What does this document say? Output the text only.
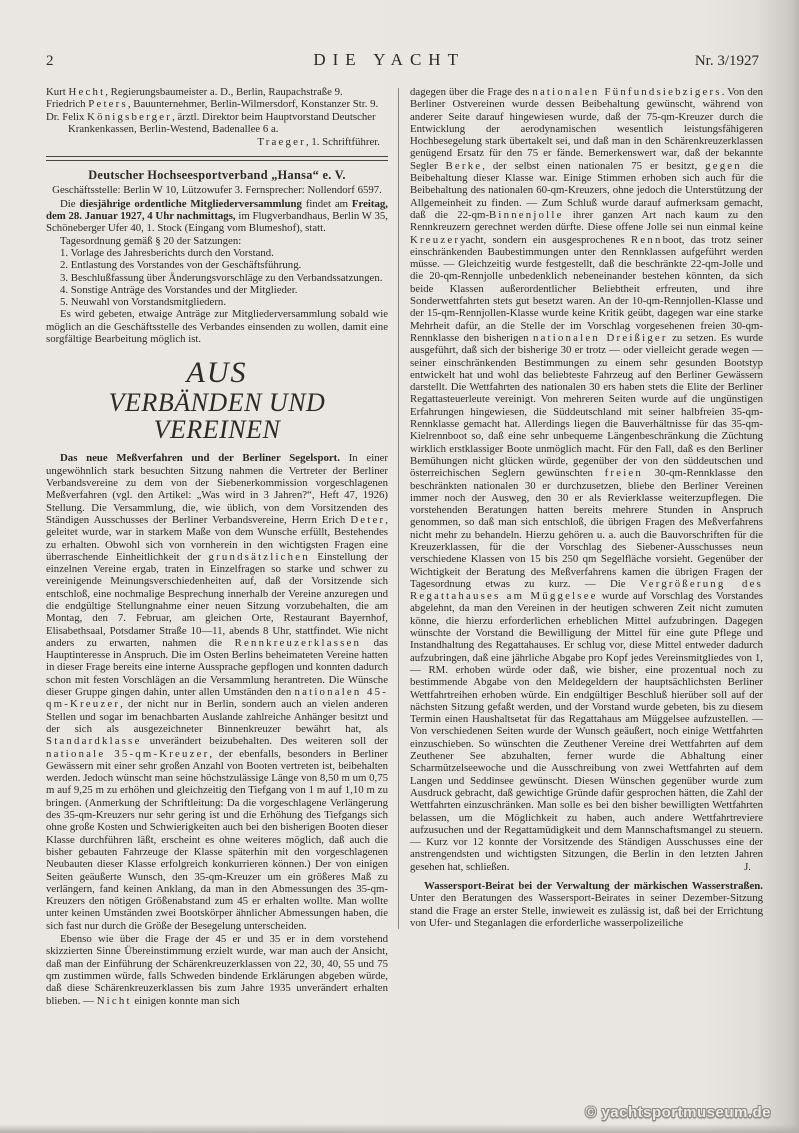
2	DIE YACHT	Nr. 3/1927

Kurt Hecht, Regierungsbaumeister a. D., Berlin, Raupachstraße 9.

Friedrich Peters, Bauunternehmer, Berlin-Wilmersdorf, Konstanzer Str. 9.

Dr. Felix Königsberger, ärztl. Direktor beim Hauptvorstand Deutscher Krankenkassen, Berlin-Westend, Badenallee 6 a.

Traeger, 1. Schriftführer.

Deutscher Hochseesportverband „Hansa“ e. V.

Geschäftsstelle: Berlin W 10, Lützowufer 3. Fernsprecher: Nollendorf 6597.

Die diesjährige ordentliche Mitgliederversammlung findet am Freitag, dem 28. Januar 1927, 4 Uhr nachmittags, im Flugverbandhaus, Berlin W 35, Schöneberger Ufer 40, 1. Stock (Eingang vom Blumeshof), statt.

Tagesordnung gemäß § 20 der Satzungen:

1. Vorlage des Jahresberichts durch den Vorstand.

2. Entlastung des Vorstandes von der Geschäftsführung.

3. Beschlußfassung über Änderungsvorschläge zu den Verbandssatzungen.

4. Sonstige Anträge des Vorstandes und der Mitglieder.

5. Neuwahl von Vorstandsmitgliedern.

Es wird gebeten, etwaige Anträge zur Mitgliederversammlung sobald wie möglich an die Geschäftsstelle des Verbandes einsenden zu wollen, damit eine sorgfältige Bearbeitung möglich ist.

AUS
VERBÄNDEN UND VEREINEN

Das neue Meßverfahren und der Berliner Segelsport. In einer ungewöhnlich stark besuchten Sitzung nahmen die Vertreter der Berliner Verbandsvereine zu dem von der Siebenerkommission vorgeschlagenen Meßverfahren (vgl. den Artikel: „Was wird in 3 Jahren?“, Heft 47, 1926) Stellung. Die Versammlung, die, wie üblich, von dem Vorsitzenden des Ständigen Ausschusses der Berliner Verbandsvereine, Herrn Erich Deter, geleitet wurde, war in starkem Maße von dem Wunsche erfüllt, Bestehendes zu erhalten. Obwohl sich von vornherein in den wichtigsten Fragen eine überraschende Einheitlichkeit der grundsätzlichen Einstellung der einzelnen Vereine ergab, traten in Einzelfragen so starke und schwer zu vereinigende Meinungsverschiedenheiten auf, daß der Vorsitzende sich entschloß, eine nochmalige Besprechung innerhalb der Vereine anzuregen und die endgültige Stellungnahme einer neuen Sitzung vorzubehalten, die am Montag, den 7. Februar, am gleichen Orte, Restaurant Bayernhof, Elisabethsaal, Potsdamer Straße 10—11, abends 8 Uhr, stattfindet. Wie nicht anders zu erwarten, nahmen die Rennkreuzerklassen das Hauptinteresse in Anspruch. Die im Osten Berlins beheimateten Vereine hatten in dieser Frage bereits eine interne Aussprache gepflogen und konnten dadurch schon mit festen Vorschlägen an die Versammlung herantreten. Die Wünsche dieser Gruppe gingen dahin, unter allen Umständen den nationalen 45-qm-Kreuzer, der nicht nur in Berlin, sondern auch an vielen anderen Stellen und sogar im benachbarten Auslande zahlreiche Anhänger besitzt und der sich als ausgezeichneter Binnenkreuzer bewährt hat, als Standardklasse unverändert beizubehalten. Des weiteren soll der nationale 35-qm-Kreuzer, der ebenfalls, besonders in Berliner Gewässern mit einer sehr großen Anzahl von Booten vertreten ist, beibehalten werden. Jedoch wünscht man seine höchstzulässige Länge von 8,50 m um 0,75 m auf 9,25 m zu erhöhen und gleichzeitig den Tiefgang von 1 m auf 1,10 m zu bringen. (Anmerkung der Schriftleitung: Da die vorgeschlagene Verlängerung des 35-qm-Kreuzers nur sehr gering ist und die Erhöhung des Tiefgangs sich ohne große Kosten und Schwierigkeiten auch bei den bisherigen Booten dieser Klasse durchführen läßt, erscheint es ohne weiteres möglich, daß auch die bisher gebauten Fahrzeuge der Klasse späterhin mit den vorgeschlagenen Neubauten dieser Klasse erfolgreich konkurrieren können.) Der von einigen Seiten geäußerte Wunsch, den 35-qm-Kreuzer um ein größeres Maß zu verlängern, fand keinen Anklang, da man in den Abmessungen des 35-qm-Kreuzers den nötigen Größenabstand zum 45 er erhalten wollte. Man wollte unter keinen Umständen zwei Bootskörper ähnlicher Abmessungen haben, die sich fast nur durch die Größe der Besegelung unterscheiden.

Ebenso wie über die Frage der 45 er und 35 er in dem vorstehend skizzierten Sinne Übereinstimmung erzielt wurde, war man auch der Ansicht, daß man der Einführung der Schärenkreuzerklassen von 22, 30, 40, 55 und 75 qm zustimmen würde, falls Schweden bindende Erklärungen abgeben würde, daß diese Schärenkreuzerklassen bis zum Jahre 1935 unverändert erhalten blieben. — Nicht einigen konnte man sich

dagegen über die Frage des nationalen Fünfundsiebzigers. Von den Berliner Ostvereinen wurde dessen Beibehaltung gewünscht, während von anderer Seite darauf hingewiesen wurde, daß der 75-qm-Kreuzer durch die Entwicklung der aerodynamischen wesentlich leistungsfähigeren Hochbesegelung stark übertakelt sei, und daß man in den Schärenkreuzerklassen genügend Ersatz für den 75 er fände. Bemerkenswert war, daß der bekannte Segler Berke, der selbst einen nationalen 75 er besitzt, gegen die Beibehaltung dieser Klasse war. Einige Stimmen erhoben sich auch für die Beibehaltung des nationalen 60-qm-Kreuzers, ohne jedoch die Unterstützung der Allgemeinheit zu finden. — Zum Schluß wurde darauf aufmerksam gemacht, daß die 22-qm-Binnenjolle ihrer ganzen Art nach kaum zu den Rennkreuzern gerechnet werden dürfte. Diese offene Jolle sei nun einmal keine Kreuzeryacht, sondern ein ausgesprochenes Rennboot, das trotz seiner einschränkenden Baubestimmungen unter den Rennklassen aufgeführt werden müsse. — Gleichzeitig wurde festgestellt, daß die beschränkte 22-qm-Jolle und die 20-qm-Rennjolle unbedenklich nebeneinander bestehen könnten, da sich beide Klassen außerordentlicher Beliebtheit erfreuten, und ihre Sonderwettfahrten stets gut besetzt waren. An der 10-qm-Rennjollen-Klasse und der 15-qm-Rennjollen-Klasse wurde keine Kritik geübt, dagegen war eine starke Mehrheit dafür, an die Stelle der im Vorschlag vorgesehenen freien 30-qm-Rennklasse den bisherigen nationalen Dreißiger zu setzen. Es wurde ausgeführt, daß sich der bisherige 30 er trotz — oder vielleicht gerade wegen — seiner einschränkenden Bestimmungen zu einem sehr gesunden Bootstyp entwickelt hat und wohl das beliebteste Fahrzeug auf den Berliner Gewässern darstellt. Die Wettfahrten des nationalen 30 ers haben stets die Elite der Berliner Regattasteuerleute vereinigt. Von mehreren Seiten wurde auf die ungünstigen Erfahrungen hingewiesen, die Süddeutschland mit seiner halbfreien 35-qm-Rennklasse gemacht hat. Allerdings liegen die Bauverhältnisse für das 35-qm-Kielrennboot so, daß eine sehr unbequeme Längenbeschränkung die Züchtung wirklich erstklassiger Boote unmöglich macht. Für den Fall, daß es den Berliner Bemühungen nicht glücken würde, gegenüber der von den süddeutschen und österreichischen Seglern gewünschten freien 30-qm-Rennklasse den beschränkten nationalen 30 er durchzusetzen, bliebe den Berliner Vereinen immer noch der Ausweg, den 30 er als Revierklasse weiterzupflegen. Die vorstehenden Beratungen hatten bereits mehrere Stunden in Anspruch genommen, so daß man sich entschloß, die übrigen Fragen des Meßverfahrens nicht mehr zu behandeln. Hierzu gehören u. a. auch die Bauvorschriften für die Kreuzerklassen, für die der Vorschlag des Siebener-Ausschusses neun verschiedene Klassen von 15 bis 250 qm Segelfläche vorsieht. Gegenüber der Wichtigkeit der Beratung des Meßverfahrens kamen die übrigen Fragen der Tagesordnung etwas zu kurz. — Die Vergrößerung des Regattahauses am Müggelsee wurde auf Vorschlag des Vorstandes abgelehnt, da man den Vereinen in der heutigen schweren Zeit nicht zumuten könne, die hierzu erforderlichen erheblichen Mittel aufzubringen. Dagegen wünschte der Vorstand die Bewilligung der Mittel für eine gute Pflege und Instandhaltung des Regattahauses. Er schlug vor, diese Mittel entweder dadurch aufzubringen, daß eine jährliche Abgabe pro Kopf jedes Vereinsmitgliedes von 1,— RM. erhoben würde oder daß, wie bisher, eine prozentual noch zu bestimmende Abgabe von den Meldegeldern der hauptsächlichsten Berliner Wettfahrtreihen erhoben würde. Ein endgültiger Beschluß hierüber soll auf der nächsten Sitzung gefaßt werden, und der Vorstand wurde gebeten, bis zu diesem Termin einen Haushaltsetat für das Regattahaus am Müggelsee aufzustellen. — Von verschiedenen Seiten wurde der Wunsch geäußert, noch einige Wettfahrten einzuschieben. So wünschten die Zeuthener Vereine drei Wettfahrten auf dem Zeuthener See abzuhalten, ferner wurde die Abhaltung einer Scharmützelseewoche und die Ausschreibung von zwei Wettfahrten auf dem Langen und Seddinsee gewünscht. Diesen Wünschen gegenüber wurde zum Ausdruck gebracht, daß gewichtige Gründe dafür gesprochen hätten, die Zahl der Wettfahrten einzuschränken. Man solle es bei den bisher bewilligten Wettfahrten belassen, um die Möglichkeit zu haben, auch andere Wettfahrtreviere aufzusuchen und der Regattamüdigkeit und dem Mannschaftsmangel zu steuern. — Kurz vor 12 konnte der Vorsitzende des Ständigen Ausschusses eine der anstrengendsten und wichtigsten Sitzungen, die Berlin in den letzten Jahren gesehen hat, schließen.	J.

Wassersport-Beirat bei der Verwaltung der märkischen Wasserstraßen. Unter den Beratungen des Wassersport-Beirates in seiner Dezember-Sitzung stand die Frage an erster Stelle, inwieweit es zulässig ist, daß bei der Errichtung von Ufer- und Steganlagen die erforderliche wasserpolizeiliche

© yachtsportmuseum.de
